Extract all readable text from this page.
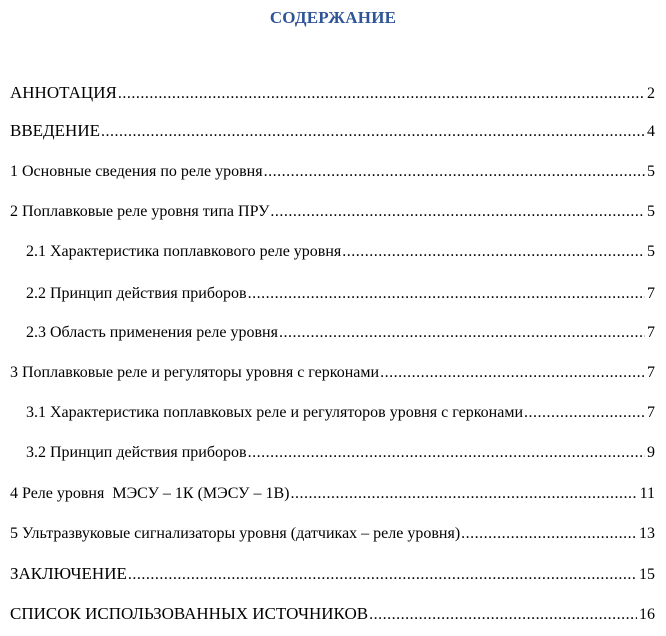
СОДЕРЖАНИЕ
АННОТАЦИЯ .....	2
ВВЕДЕНИЕ .....	4
1 Основные сведения по реле уровня .....	5
2 Поплавковые реле уровня типа ПРУ .....	5
2.1 Характеристика поплавкового реле уровня .....	5
2.2 Принцип действия приборов .....	7
2.3 Область применения реле уровня .....	7
3 Поплавковые реле и регуляторы уровня с герконами .....	7
3.1 Характеристика поплавковых реле и регуляторов уровня с герконами .....	7
3.2 Принцип действия приборов .....	9
4 Реле уровня  МЭСУ – 1К (МЭСУ – 1В) .....	11
5 Ультразвуковые сигнализаторы уровня (датчиках – реле уровня) .....	13
ЗАКЛЮЧЕНИЕ .....	15
СПИСОК ИСПОЛЬЗОВАННЫХ ИСТОЧНИКОВ .....	16
